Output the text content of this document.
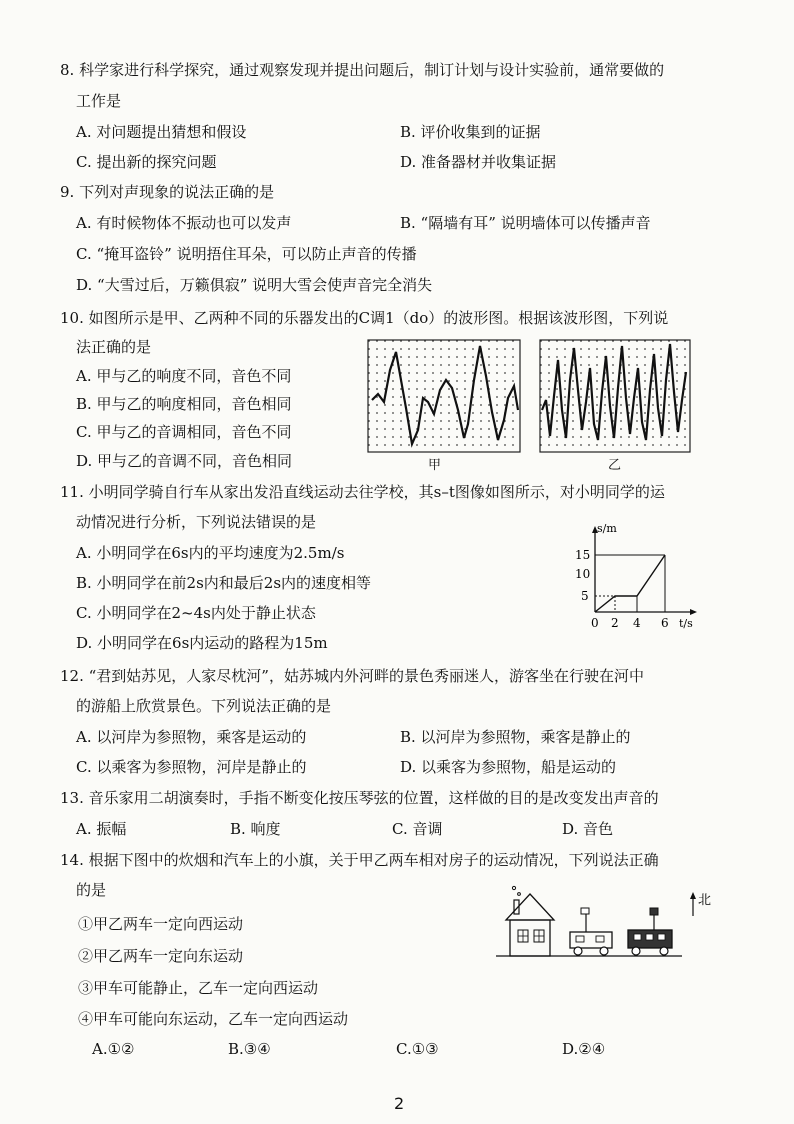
8. 科学家进行科学探究，通过观察发现并提出问题后，制订计划与设计实验前，通常要做的
工作是
A. 对问题提出猜想和假设	B. 评价收集到的证据
C. 提出新的探究问题	D. 准备器材并收集证据
9. 下列对声现象的说法正确的是
A. 有时候物体不振动也可以发声	B. “隔墙有耳” 说明墙体可以传播声音
C. “掩耳盗铃” 说明捂住耳朵，可以防止声音的传播
D. “大雪过后，万籁俱寂” 说明大雪会使声音完全消失
10. 如图所示是甲、乙两种不同的乐器发出的C调1（do）的波形图。根据该波形图，下列说
法正确的是
A. 甲与乙的响度不同，音色不同
B. 甲与乙的响度相同，音色相同
C. 甲与乙的音调相同，音色不同
D. 甲与乙的音调不同，音色相同	甲	乙
11. 小明同学骑自行车从家出发沿直线运动去往学校，其s–t图像如图所示，对小明同学的运
动情况进行分析，下列说法错误的是
A. 小明同学在6s内的平均速度为2.5m/s
B. 小明同学在前2s内和最后2s内的速度相等
C. 小明同学在2~4s内处于静止状态
D. 小明同学在6s内运动的路程为15m
s/m
15
10
5
0 2 4 6 t/s
12. “君到姑苏见，人家尽枕河”，姑苏城内外河畔的景色秀丽迷人，游客坐在行驶在河中
的游船上欣赏景色。下列说法正确的是
A. 以河岸为参照物，乘客是运动的	B. 以河岸为参照物，乘客是静止的
C. 以乘客为参照物，河岸是静止的	D. 以乘客为参照物，船是运动的
13. 音乐家用二胡演奏时，手指不断变化按压琴弦的位置，这样做的目的是改变发出声音的
A. 振幅	B. 响度	C. 音调	D. 音色
14. 根据下图中的炊烟和汽车上的小旗，关于甲乙两车相对房子的运动情况，下列说法正确
的是
①甲乙两车一定向西运动
②甲乙两车一定向东运动
③甲车可能静止，乙车一定向西运动
④甲车可能向东运动，乙车一定向西运动
A.①②	B.③④	C.①③	D.②④
北
2
